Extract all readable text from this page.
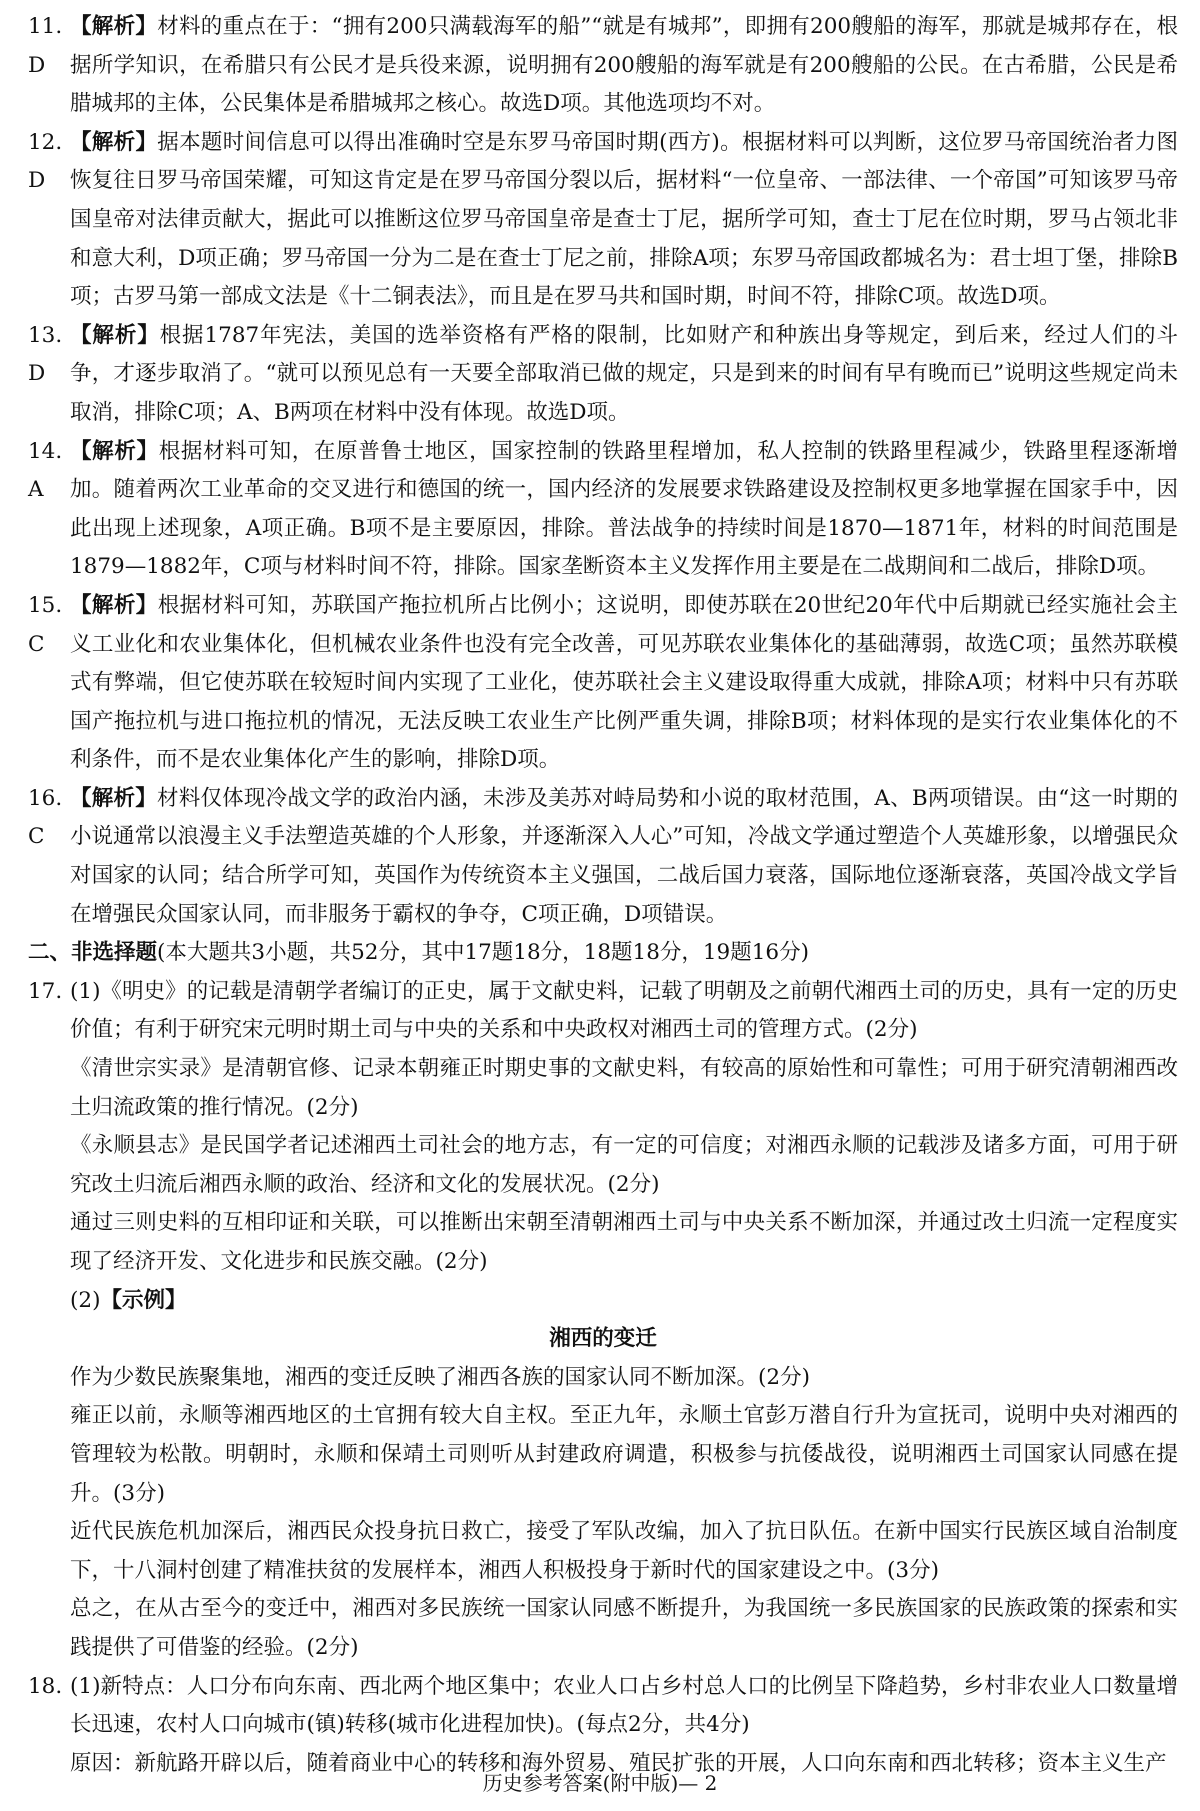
11. D
【解析】材料的重点在于：“拥有200只满载海军的船”“就是有城邦”，即拥有200艘船的海军，那就是城邦存在，根据所学知识，在希腊只有公民才是兵役来源，说明拥有200艘船的海军就是有200艘船的公民。在古希腊，公民是希腊城邦的主体，公民集体是希腊城邦之核心。故选D项。其他选项均不对。
12. D
【解析】据本题时间信息可以得出准确时空是东罗马帝国时期(西方)。根据材料可以判断，这位罗马帝国统治者力图恢复往日罗马帝国荣耀，可知这肯定是在罗马帝国分裂以后，据材料“一位皇帝、一部法律、一个帝国”可知该罗马帝国皇帝对法律贡献大，据此可以推断这位罗马帝国皇帝是查士丁尼，据所学可知，查士丁尼在位时期，罗马占领北非和意大利，D项正确；罗马帝国一分为二是在查士丁尼之前，排除A项；东罗马帝国政都城名为：君士坦丁堡，排除B项；古罗马第一部成文法是《十二铜表法》，而且是在罗马共和国时期，时间不符，排除C项。故选D项。
13. D
【解析】根据1787年宪法，美国的选举资格有严格的限制，比如财产和种族出身等规定，到后来，经过人们的斗争，才逐步取消了。“就可以预见总有一天要全部取消已做的规定，只是到来的时间有早有晚而已”说明这些规定尚未取消，排除C项；A、B两项在材料中没有体现。故选D项。
14. A
【解析】根据材料可知，在原普鲁士地区，国家控制的铁路里程增加，私人控制的铁路里程减少，铁路里程逐渐增加。随着两次工业革命的交叉进行和德国的统一，国内经济的发展要求铁路建设及控制权更多地掌握在国家手中，因此出现上述现象，A项正确。B项不是主要原因，排除。普法战争的持续时间是1870—1871年，材料的时间范围是1879—1882年，C项与材料时间不符，排除。国家垄断资本主义发挥作用主要是在二战期间和二战后，排除D项。
15. C
【解析】根据材料可知，苏联国产拖拉机所占比例小；这说明，即使苏联在20世纪20年代中后期就已经实施社会主义工业化和农业集体化，但机械农业条件也没有完全改善，可见苏联农业集体化的基础薄弱，故选C项；虽然苏联模式有弊端，但它使苏联在较短时间内实现了工业化，使苏联社会主义建设取得重大成就，排除A项；材料中只有苏联国产拖拉机与进口拖拉机的情况，无法反映工农业生产比例严重失调，排除B项；材料体现的是实行农业集体化的不利条件，而不是农业集体化产生的影响，排除D项。
16. C
【解析】材料仅体现冷战文学的政治内涵，未涉及美苏对峙局势和小说的取材范围，A、B两项错误。由“这一时期的小说通常以浪漫主义手法塑造英雄的个人形象，并逐渐深入人心”可知，冷战文学通过塑造个人英雄形象，以增强民众对国家的认同；结合所学可知，英国作为传统资本主义强国，二战后国力衰落，国际地位逐渐衰落，英国冷战文学旨在增强民众国家认同，而非服务于霸权的争夺，C项正确，D项错误。
二、非选择题(本大题共3小题，共52分，其中17题18分，18题18分，19题16分)
17. (1)《明史》的记载是清朝学者编订的正史，属于文献史料，记载了明朝及之前朝代湘西土司的历史，具有一定的历史价值；有利于研究宋元明时期土司与中央的关系和中央政权对湘西土司的管理方式。(2分)
《清世宗实录》是清朝官修、记录本朝雍正时期史事的文献史料，有较高的原始性和可靠性；可用于研究清朝湘西改土归流政策的推行情况。(2分)
《永顺县志》是民国学者记述湘西土司社会的地方志，有一定的可信度；对湘西永顺的记载涉及诸多方面，可用于研究改土归流后湘西永顺的政治、经济和文化的发展状况。(2分)
通过三则史料的互相印证和关联，可以推断出宋朝至清朝湘西土司与中央关系不断加深，并通过改土归流一定程度实现了经济开发、文化进步和民族交融。(2分)
(2)【示例】
湘西的变迁
作为少数民族聚集地，湘西的变迁反映了湘西各族的国家认同不断加深。(2分)
雍正以前，永顺等湘西地区的土官拥有较大自主权。至正九年，永顺土官彭万潜自行升为宣抚司，说明中央对湘西的管理较为松散。明朝时，永顺和保靖土司则听从封建政府调遣，积极参与抗倭战役，说明湘西土司国家认同感在提升。(3分)
近代民族危机加深后，湘西民众投身抗日救亡，接受了军队改编，加入了抗日队伍。在新中国实行民族区域自治制度下，十八洞村创建了精准扶贫的发展样本，湘西人积极投身于新时代的国家建设之中。(3分)
总之，在从古至今的变迁中，湘西对多民族统一国家认同感不断提升，为我国统一多民族国家的民族政策的探索和实践提供了可借鉴的经验。(2分)
18. (1)新特点：人口分布向东南、西北两个地区集中；农业人口占乡村总人口的比例呈下降趋势，乡村非农业人口数量增长迅速，农村人口向城市(镇)转移(城市化进程加快)。(每点2分，共4分)
原因：新航路开辟以后，随着商业中心的转移和海外贸易、殖民扩张的开展，人口向东南和西北转移；资本主义生产
历史参考答案(附中版)— 2
